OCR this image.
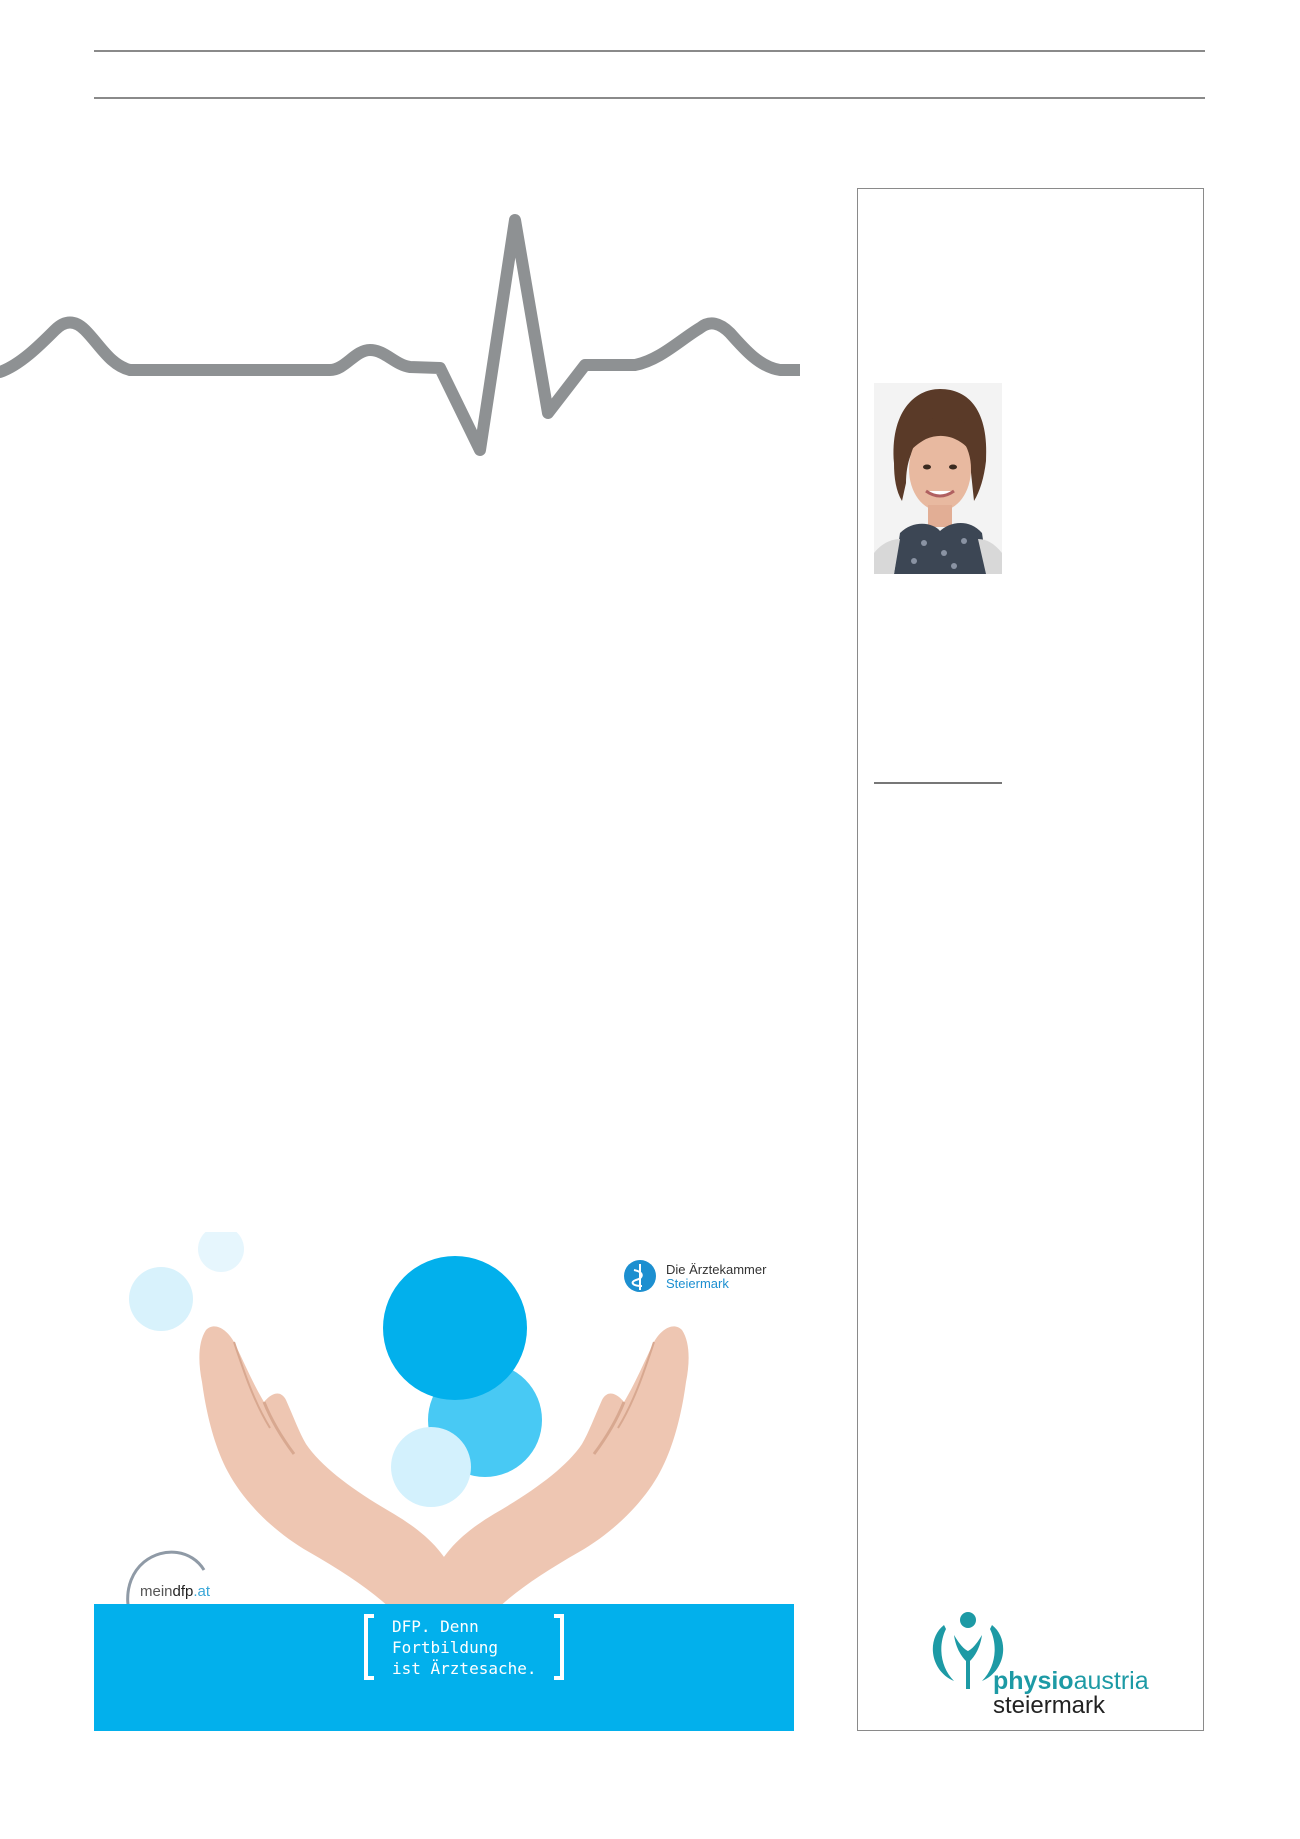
physioaustria
steiermark
Die Ärztekammer
Steiermark
meindfp.at
DFP. Denn
Fortbildung
ist Ärztesache.
